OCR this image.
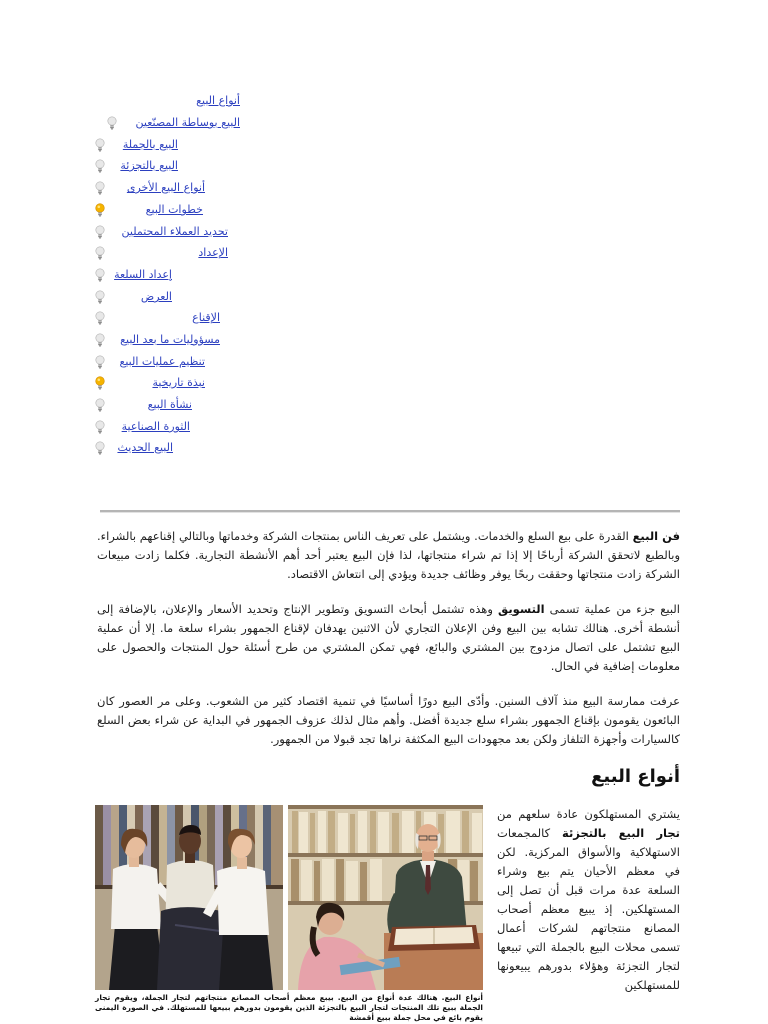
أنواع البيع
البيع بوساطة المصنّعين
البيع بالجملة
البيع بالتجزئة
أنواع البيع الأخرى
خطوات البيع
تحديد العملاء المحتملين
الإعداد
إعداد السلعة
العرض
الإقناع
مسؤوليات ما بعد البيع
تنظيم عمليات البيع
نبذة تاريخية
نشأة البيع
الثورة الصناعية
البيع الحديث

فن البيع القدرة على بيع السلع والخدمات. ويشتمل على تعريف الناس بمنتجات الشركة وخدماتها وبالتالي إقناعهم بالشراء. وبالطبع لاتحقق الشركة أرباحًا إلا إذا تم شراء منتجاتها، لذا فإن البيع يعتبر أحد أهم الأنشطة التجارية. فكلما زادت مبيعات الشركة زادت منتجاتها وحققت ربحًا يوفر وظائف جديدة ويؤدي إلى انتعاش الاقتصاد.

البيع جزء من عملية تسمى التسويق وهذه تشتمل أبحاث التسويق وتطوير الإنتاج وتحديد الأسعار والإعلان، بالإضافة إلى أنشطة أخرى. هنالك تشابه بين البيع وفن الإعلان التجاري لأن الاثنين يهدفان لإقناع الجمهور بشراء سلعة ما. إلا أن عملية البيع تشتمل على اتصال مزدوج بين المشتري والبائع، فهي تمكن المشتري من طرح أسئلة حول المنتجات والحصول على معلومات إضافية في الحال.

عرفت ممارسة البيع منذ آلاف السنين. وأدّى البيع دورًا أساسيًا في تنمية اقتصاد كثير من الشعوب. وعلى مر العصور كان البائعون يقومون بإقناع الجمهور بشراء سلع جديدة أفضل. وأهم مثال لذلك عزوف الجمهور في البداية عن شراء بعض السلع كالسيارات وأجهزة التلفاز ولكن بعد مجهودات البيع المكثفة نراها تجد قبولا من الجمهور.

أنواع البيع

يشتري المستهلكون عادة سلعهم من تجار البيع بالتجزئة كالمجمعات الاستهلاكية والأسواق المركزية. لكن في معظم الأحيان يتم بيع وشراء السلعة عدة مرات قبل أن تصل إلى المستهلكين. إذ يبيع معظم أصحاب المصانع منتجاتهم لشركات أعمال تسمى محلات البيع بالجملة التي تبيعها لتجار التجزئة وهؤلاء بدورهم يبيعونها للمستهلكين

أنواع البيع. هنالك عدة أنواع من البيع. بيبع معظم أصحاب المصانع منتجاتهم لتجار الجملة، ويقوم تجار الجملة ببيع تلك المنتجات لتجار البيع بالتجزئة الذين يقومون بدورهم ببيعها للمستهلك. في الصورة اليمنى يقوم بائع في محل جملة ببيع أقمشة
